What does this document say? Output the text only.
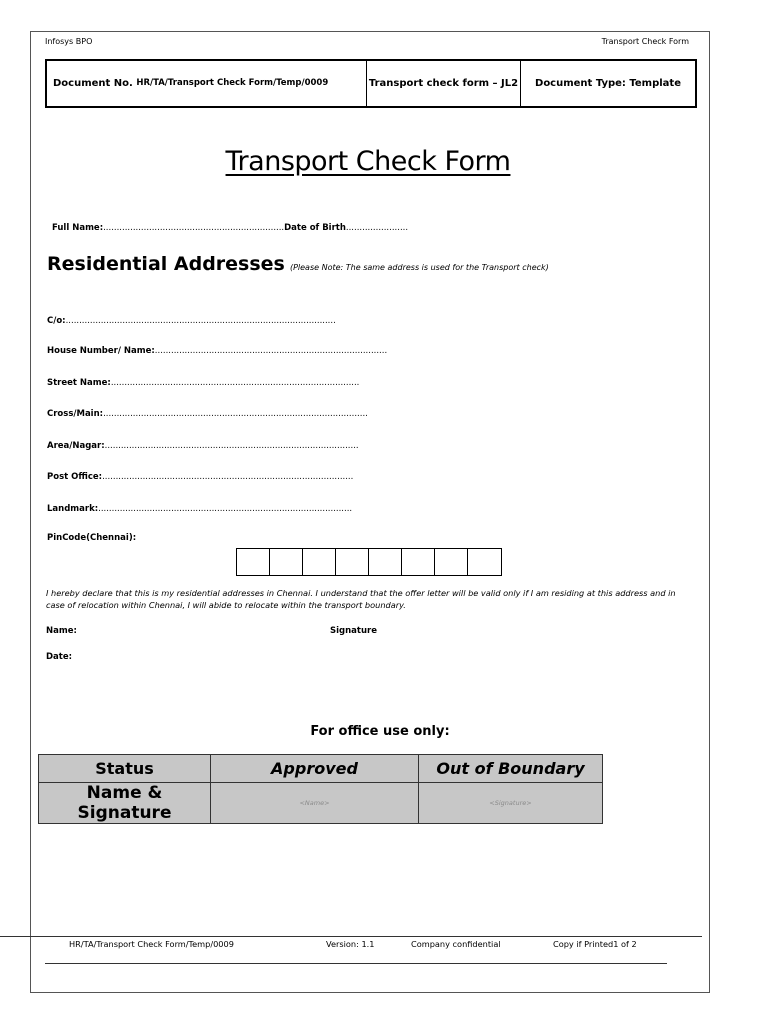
Infosys BPO	Transport Check Form
Document No.
HR/TA/Transport Check Form/Temp/0009	Transport check form – JL2	Document Type: Template
Transport Check Form
Full Name:...................................................................Date of Birth.......................
Residential Addresses (Please Note: The same address is used for the Transport check)
C/o:....................................................................................................
House Number/ Name:......................................................................................
Street Name:............................................................................................
Cross/Main:..................................................................................................
Area/Nagar:..............................................................................................
Post Office:.............................................................................................
Landmark:..............................................................................................
PinCode(Chennai):
I hereby declare that this is my residential addresses in Chennai. I understand that the offer letter will be valid only if I am residing at this address and in case of relocation within Chennai, I will abide to relocate within the transport boundary.
Name:	Signature
Date:
For office use only:
Status	Approved	Out of Boundary
Name & Signature	<Name>	<Signature>
HR/TA/Transport Check Form/Temp/0009	Version: 1.1	Company confidential	Copy if Printed1 of 2
